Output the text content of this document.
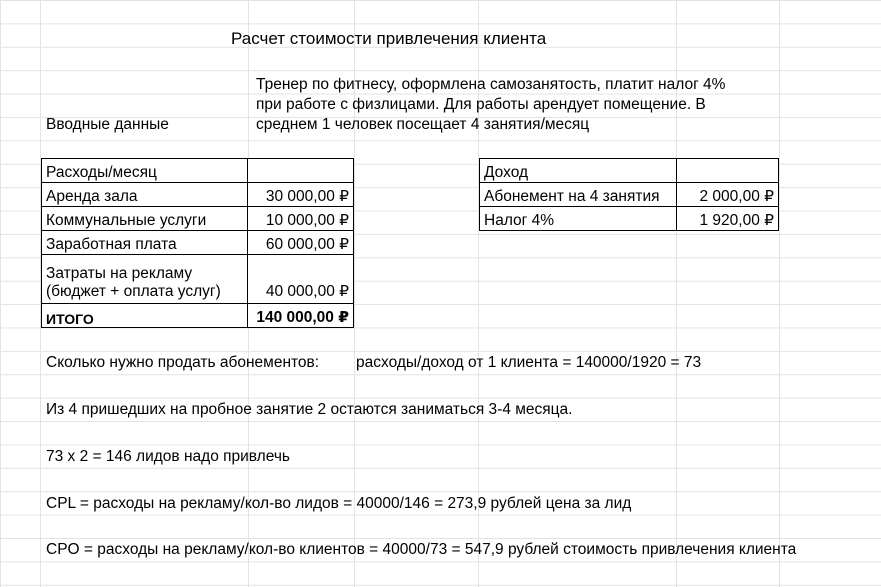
Расчет стоимости привлечения клиента
Вводные данные
Тренер по фитнесу, оформлена самозанятость, платит налог 4%
при работе с физлицами. Для работы арендует помещение. В
среднем 1 человек посещает 4 занятия/месяц
Расходы/месяц	
Аренда зала	30 000,00 ₽
Коммунальные услуги	10 000,00 ₽
Заработная плата	60 000,00 ₽

Затраты на рекламу
(бюджет + оплата услуг)	40 000,00 ₽
ИТОГО	140 000,00 ₽
Доход	
Абонемент на 4 занятия	2 000,00 ₽
Налог 4%	1 920,00 ₽
Сколько нужно продать абонементов: расходы/доход от 1 клиента = 140000/1920 = 73
Из 4 пришедших на пробное занятие 2 остаются заниматься 3-4 месяца.
73 х 2 = 146 лидов надо привлечь
CPL = расходы на рекламу/кол-во лидов = 40000/146 = 273,9 рублей цена за лид
CPO = расходы на рекламу/кол-во клиентов = 40000/73 = 547,9 рублей стоимость привлечения клиента
